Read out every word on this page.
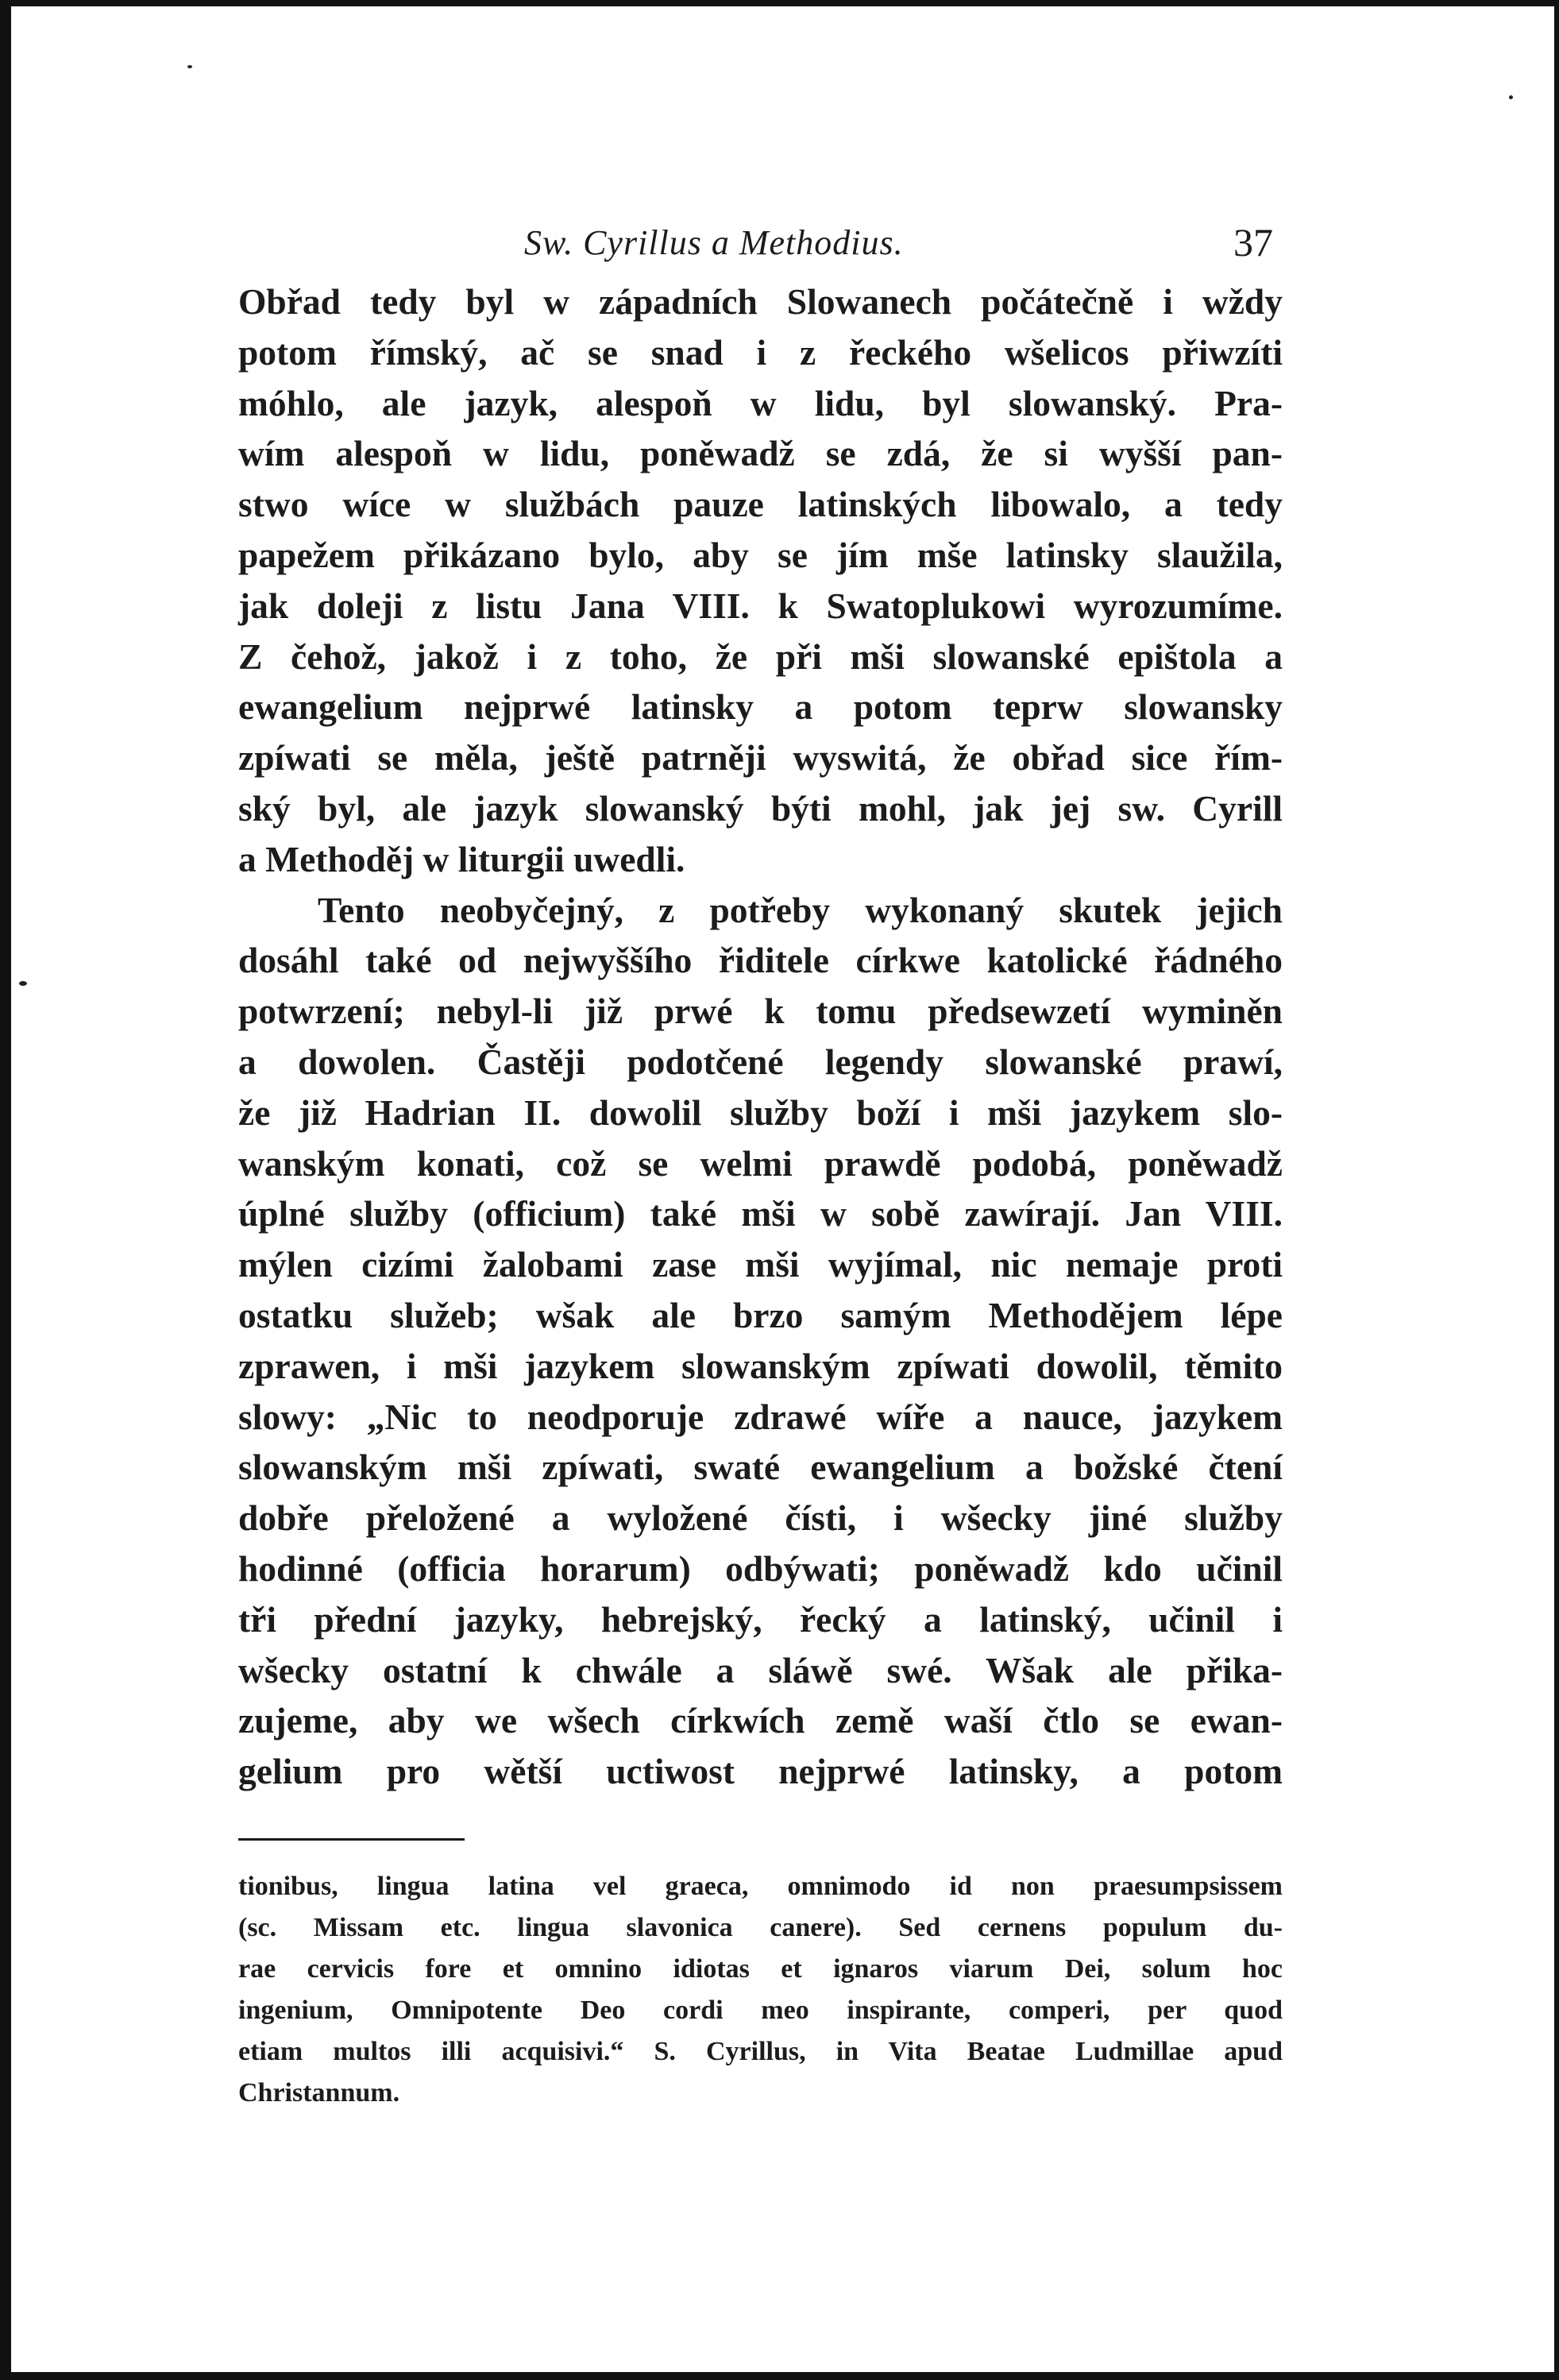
Sw. Cyrillus a Methodius.	37
Obřad tedy byl w západních Slowanech počátečně i wždy
potom římský, ač se snad i z řeckého wšelicos přiwzíti
móhlo, ale jazyk, alespoň w lidu, byl slowanský. Pra-
wím alespoň w lidu, poněwadž se zdá, že si wyšší pan-
stwo wíce w službách pauze latinských libowalo, a tedy
papežem přikázano bylo, aby se jím mše latinsky slaužila,
jak doleji z listu Jana VIII. k Swatoplukowi wyrozumíme.
Z čehož, jakož i z toho, že při mši slowanské epištola a
ewangelium nejprwé latinsky a potom teprw slowansky
zpíwati se měla, ještě patrněji wyswitá, že obřad sice řím-
ský byl, ale jazyk slowanský býti mohl, jak jej sw. Cyrill
a Methoděj w liturgii uwedli.
Tento neobyčejný, z potřeby wykonaný skutek jejich
dosáhl také od nejwyššího řiditele církwe katolické řádného
potwrzení; nebyl-li již prwé k tomu předsewzetí wyminěn
a dowolen. Častěji podotčené legendy slowanské prawí,
že již Hadrian II. dowolil služby boží i mši jazykem slo-
wanským konati, což se welmi prawdě podobá, poněwadž
úplné služby (officium) také mši w sobě zawírají. Jan VIII.
mýlen cizími žalobami zase mši wyjímal, nic nemaje proti
ostatku služeb; wšak ale brzo samým Methodějem lépe
zprawen, i mši jazykem slowanským zpíwati dowolil, těmito
slowy: „Nic to neodporuje zdrawé wíře a nauce, jazykem
slowanským mši zpíwati, swaté ewangelium a božské čtení
dobře přeložené a wyložené čísti, i wšecky jiné služby
hodinné (officia horarum) odbýwati; poněwadž kdo učinil
tři přední jazyky, hebrejský, řecký a latinský, učinil i
wšecky ostatní k chwále a sláwě swé. Wšak ale přika-
zujeme, aby we wšech církwích země waší čtlo se ewan-
gelium pro wětší uctiwost nejprwé latinsky, a potom
tionibus, lingua latina vel graeca, omnimodo id non praesumpsissem
(sc. Missam etc. lingua slavonica canere). Sed cernens populum du-
rae cervicis fore et omnino idiotas et ignaros viarum Dei, solum hoc
ingenium, Omnipotente Deo cordi meo inspirante, comperi, per quod
etiam multos illi acquisivi.“ S. Cyrillus, in Vita Beatae Ludmillae apud
Christannum.
